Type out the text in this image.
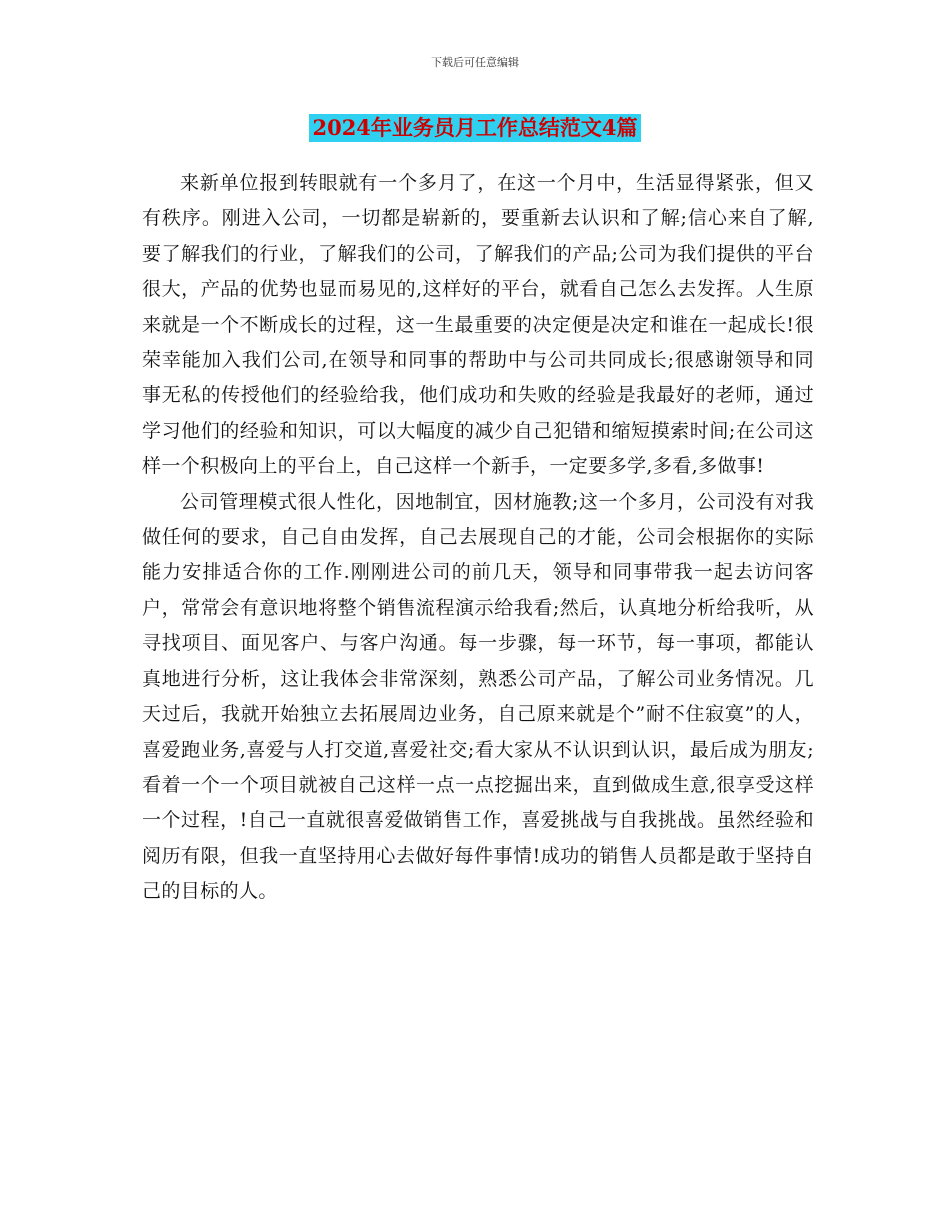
下载后可任意编辑
2024年业务员月工作总结范文4篇

来新单位报到转眼就有一个多月了，在这一个月中，生活显得紧张，但又有秩序。刚进入公司，一切都是崭新的，要重新去认识和了解;信心来自了解,要了解我们的行业，了解我们的公司，了解我们的产品;公司为我们提供的平台很大，产品的优势也显而易见的,这样好的平台，就看自己怎么去发挥。人生原来就是一个不断成长的过程，这一生最重要的决定便是决定和谁在一起成长!很荣幸能加入我们公司,在领导和同事的帮助中与公司共同成长;很感谢领导和同事无私的传授他们的经验给我，他们成功和失败的经验是我最好的老师，通过学习他们的经验和知识，可以大幅度的减少自己犯错和缩短摸索时间;在公司这样一个积极向上的平台上，自己这样一个新手，一定要多学,多看,多做事!

公司管理模式很人性化，因地制宜，因材施教;这一个多月，公司没有对我做任何的要求，自己自由发挥，自己去展现自己的才能，公司会根据你的实际能力安排适合你的工作.刚刚进公司的前几天，领导和同事带我一起去访问客户，常常会有意识地将整个销售流程演示给我看;然后，认真地分析给我听，从寻找项目、面见客户、与客户沟通。每一步骤，每一环节，每一事项，都能认真地进行分析，这让我体会非常深刻，熟悉公司产品，了解公司业务情况。几天过后，我就开始独立去拓展周边业务，自己原来就是个”耐不住寂寞”的人，喜爱跑业务,喜爱与人打交道,喜爱社交;看大家从不认识到认识，最后成为朋友;看着一个一个项目就被自己这样一点一点挖掘出来，直到做成生意,很享受这样一个过程，!自己一直就很喜爱做销售工作，喜爱挑战与自我挑战。虽然经验和阅历有限，但我一直坚持用心去做好每件事情!成功的销售人员都是敢于坚持自己的目标的人。
